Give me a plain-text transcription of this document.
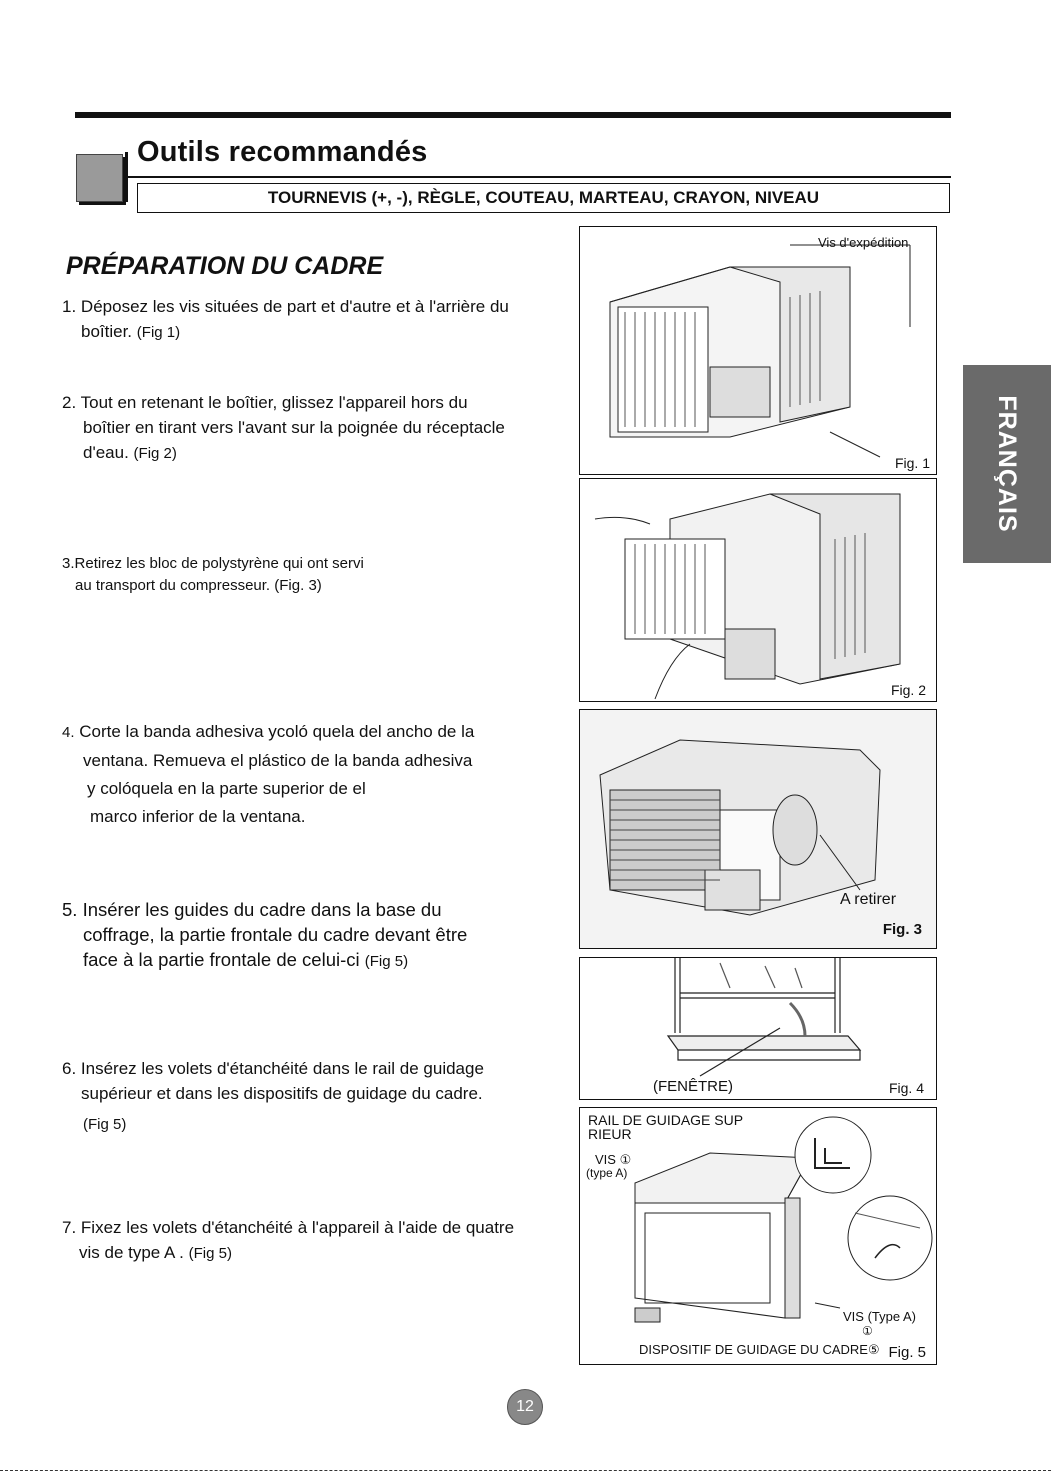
Outils recommandés
TOURNEVIS (+, -), RÈGLE, COUTEAU, MARTEAU, CRAYON, NIVEAU
PRÉPARATION DU CADRE
1. Déposez les vis situées de part et d'autre et à l'arrière du
boîtier. (Fig 1)
2. Tout en retenant le boîtier, glissez l'appareil hors du
boîtier en tirant vers l'avant sur la poignée du réceptacle
d'eau. (Fig 2)
3.Retirez les bloc de polystyrène qui ont servi
au transport du compresseur. (Fig. 3)
4. Corte la banda adhesiva ycoló quela del ancho de la
ventana. Remueva el plástico de la banda adhesiva
y colóquela en la parte superior de el
marco inferior de la ventana.
5. Insérer les guides du cadre dans la base du
coffrage, la partie frontale du cadre devant être
face à la partie frontale de celui-ci (Fig 5)
6. Insérez les volets d'étanchéité dans le rail de guidage
supérieur et dans les dispositifs de guidage du cadre.
(Fig 5)
7. Fixez les volets d'étanchéité à l'appareil à l'aide de quatre
vis de type A . (Fig 5)
Vis d'expédition
Fig. 1
Fig. 2
A retirer
Fig. 3
(FENÊTRE)	Fig. 4
RAIL DE GUIDAGE SUP
RIEUR
VIS ①
(type A)
VIS (Type A)
①
DISPOSITIF DE GUIDAGE DU CADRE⑤ Fig. 5
FRANÇAIS
12
